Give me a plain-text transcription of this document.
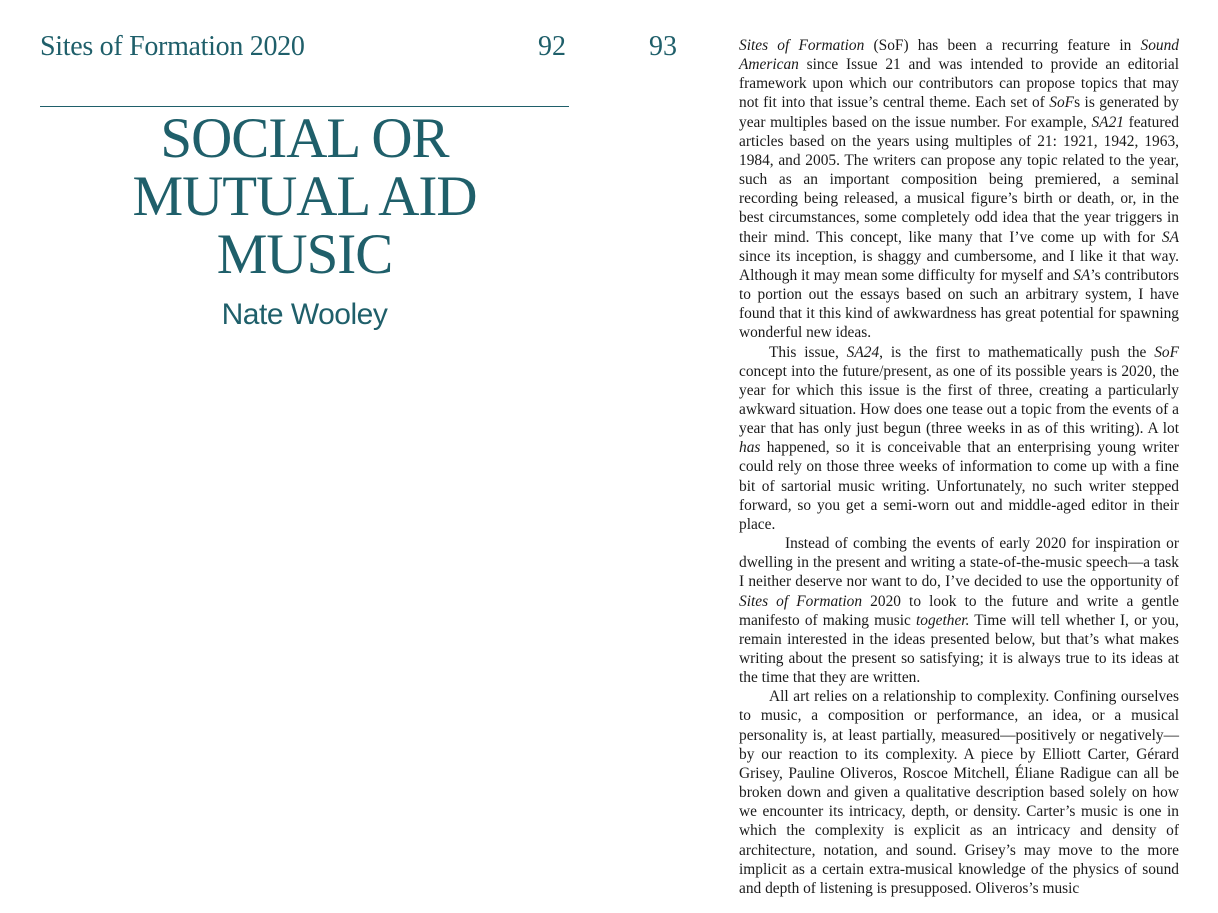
Sites of Formation 2020	92
SOCIAL OR
MUTUAL AID
MUSIC
Nate Wooley
93	Sites of Formation (SoF) has been a recurring feature in Sound American since Issue 21 and was intended to provide an editorial framework upon which our contributors can propose topics that may not fit into that issue’s central theme. Each set of SoFs is generated by year multiples based on the issue number. For example, SA21 featured articles based on the years using multiples of 21: 1921, 1942, 1963, 1984, and 2005. The writers can propose any topic related to the year, such as an important composition being premiered, a seminal recording being released, a musical figure’s birth or death, or, in the best circumstances, some completely odd idea that the year triggers in their mind. This concept, like many that I’ve come up with for SA since its inception, is shaggy and cumbersome, and I like it that way. Although it may mean some difficulty for myself and SA’s contributors to portion out the essays based on such an arbitrary system, I have found that it this kind of awkwardness has great potential for spawning wonderful new ideas.

This issue, SA24, is the first to mathematically push the SoF concept into the future/present, as one of its possible years is 2020, the year for which this issue is the first of three, creating a particularly awkward situation. How does one tease out a topic from the events of a year that has only just begun (three weeks in as of this writing). A lot has happened, so it is conceivable that an enterprising young writer could rely on those three weeks of information to come up with a fine bit of sartorial music writing. Unfortunately, no such writer stepped forward, so you get a semi-worn out and middle-aged editor in their place.

Instead of combing the events of early 2020 for inspiration or dwelling in the present and writing a state-of-the-music speech—a task I neither deserve nor want to do, I’ve decided to use the opportunity of Sites of Formation 2020 to look to the future and write a gentle manifesto of making music together. Time will tell whether I, or you, remain interested in the ideas presented below, but that’s what makes writing about the present so satisfying; it is always true to its ideas at the time that they are written.

All art relies on a relationship to complexity. Confining ourselves to music, a composition or performance, an idea, or a musical personality is, at least partially, measured—positively or negatively—by our reaction to its complexity. A piece by Elliott Carter, Gérard Grisey, Pauline Oliveros, Roscoe Mitchell, Éliane Radigue can all be broken down and given a qualitative description based solely on how we encounter its intricacy, depth, or density. Carter’s music is one in which the complexity is explicit as an intricacy and density of architecture, notation, and sound. Grisey’s may move to the more implicit as a certain extra-musical knowledge of the physics of sound and depth of listening is presupposed. Oliveros’s music
